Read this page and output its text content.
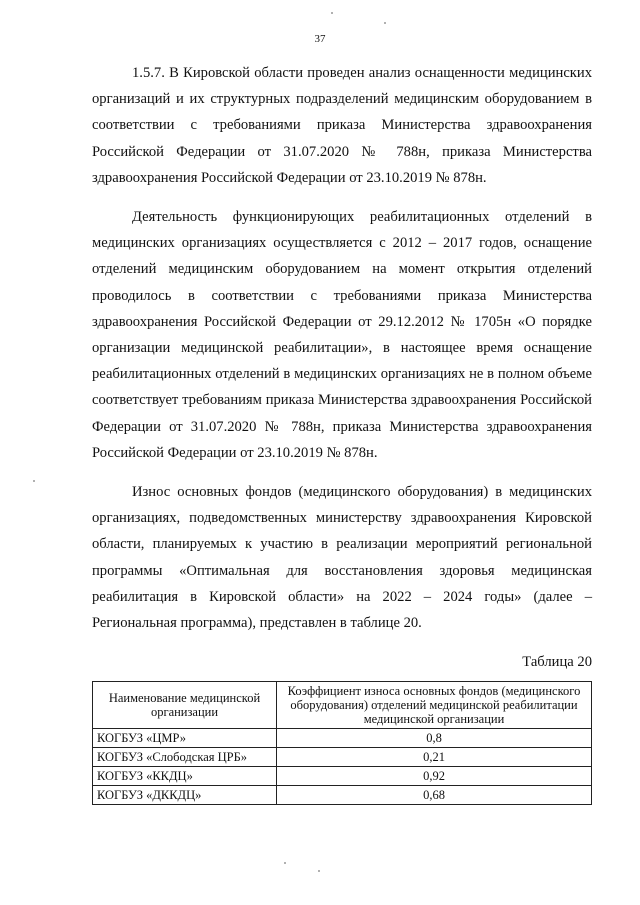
37

1.5.7. В Кировской области проведен анализ оснащенности медицинских организаций и их структурных подразделений медицинским оборудованием в соответствии с требованиями приказа Министерства здравоохранения Российской Федерации от 31.07.2020 № 788н, приказа Министерства здравоохранения Российской Федерации от 23.10.2019 № 878н.

Деятельность функционирующих реабилитационных отделений в медицинских организациях осуществляется с 2012 – 2017 годов, оснащение отделений медицинским оборудованием на момент открытия отделений проводилось в соответствии с требованиями приказа Министерства здравоохранения Российской Федерации от 29.12.2012 № 1705н «О порядке организации медицинской реабилитации», в настоящее время оснащение реабилитационных отделений в медицинских организациях не в полном объеме соответствует требованиям приказа Министерства здравоохранения Российской Федерации от 31.07.2020 № 788н, приказа Министерства здравоохранения Российской Федерации от 23.10.2019 № 878н.

Износ основных фондов (медицинского оборудования) в медицинских организациях, подведомственных министерству здравоохранения Кировской области, планируемых к участию в реализации мероприятий региональной программы «Оптимальная для восстановления здоровья медицинская реабилитация в Кировской области» на 2022 – 2024 годы» (далее – Региональная программа), представлен в таблице 20.

Таблица 20
Наименование медицинской организации	Коэффициент износа основных фондов (медицинского оборудования) отделений медицинской реабилитации медицинской организации
КОГБУЗ «ЦМР»	0,8
КОГБУЗ «Слободская ЦРБ»	0,21
КОГБУЗ «ККДЦ»	0,92
КОГБУЗ «ДККДЦ»	0,68
